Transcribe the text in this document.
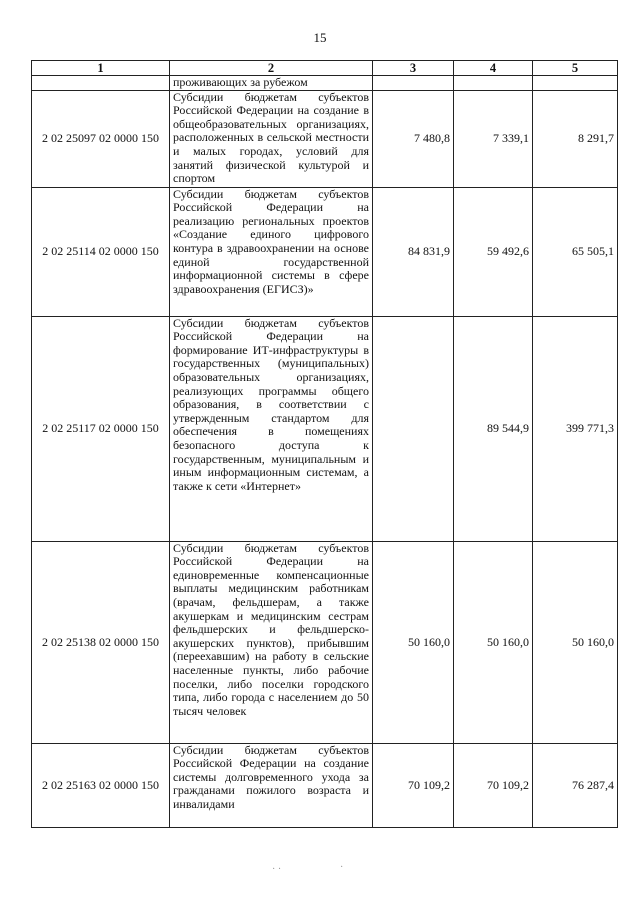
15
1	2	3	4	5
	проживающих за рубежом			
2 02 25097 02 0000 150	Субсидии бюджетам субъектов Российской Федерации на создание в общеобразовательных организациях, расположенных в сельской местности и малых городах, условий для занятий физической культурой и спортом	7 480,8	7 339,1	8 291,7
2 02 25114 02 0000 150	Субсидии бюджетам субъектов Российской Федерации на реализацию региональных проектов «Создание единого цифрового контура в здравоохранении на основе единой государственной информационной системы в сфере здравоохранения (ЕГИСЗ)»	84 831,9	59 492,6	65 505,1
2 02 25117 02 0000 150	Субсидии бюджетам субъектов Российской Федерации на формирование ИТ-инфраструктуры в государственных (муниципальных) образовательных организациях, реализующих программы общего образования, в соответствии с утвержденным стандартом для обеспечения в помещениях безопасного доступа к государственным, муниципальным и иным информационным системам, а также к сети «Интернет»		89 544,9	399 771,3
2 02 25138 02 0000 150	Субсидии бюджетам субъектов Российской Федерации на единовременные компенсационные выплаты медицинским работникам (врачам, фельдшерам, а также акушеркам и медицинским сестрам фельдшерских и фельдшерско-акушерских пунктов), прибывшим (переехавшим) на работу в сельские населенные пункты, либо рабочие поселки, либо поселки городского типа, либо города с населением до 50 тысяч человек	50 160,0	50 160,0	50 160,0
2 02 25163 02 0000 150	Субсидии бюджетам субъектов Российской Федерации на создание системы долговременного ухода за гражданами пожилого возраста и инвалидами	70 109,2	70 109,2	76 287,4
· ·	·
